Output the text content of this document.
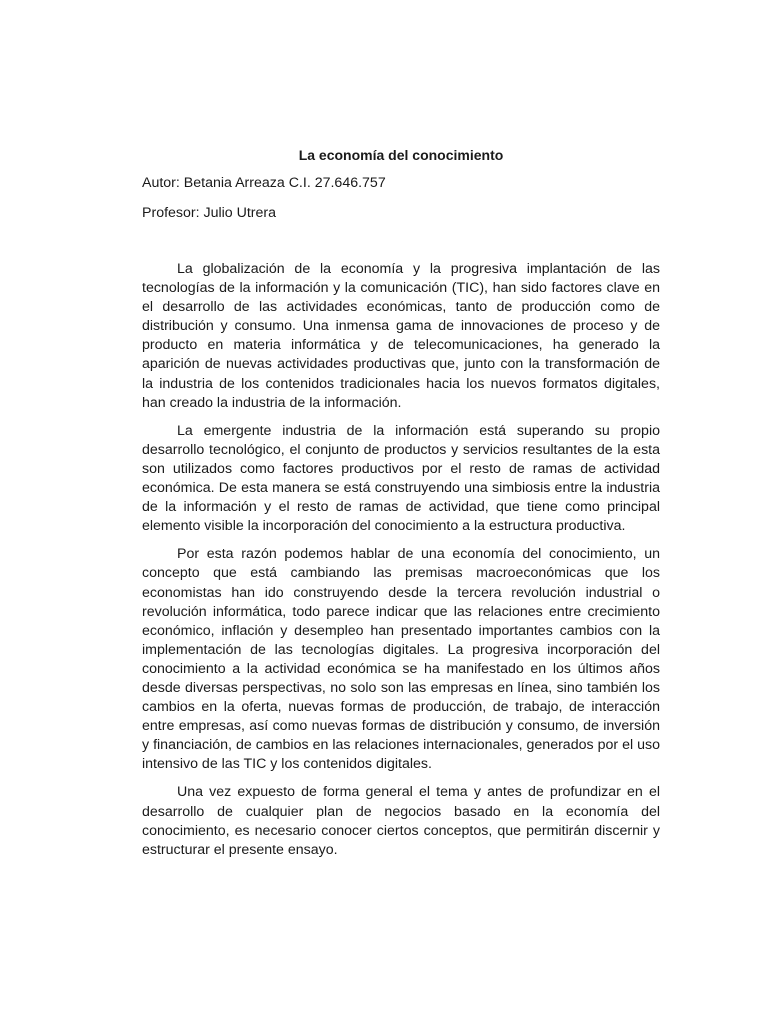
La economía del conocimiento
Autor: Betania Arreaza C.I. 27.646.757
Profesor: Julio Utrera

La globalización de la economía y la progresiva implantación de las tecnologías de la información y la comunicación (TIC), han sido factores clave en el desarrollo de las actividades económicas, tanto de producción como de distribución y consumo. Una inmensa gama de innovaciones de proceso y de producto en materia informática y de telecomunicaciones, ha generado la aparición de nuevas actividades productivas que, junto con la transformación de la industria de los contenidos tradicionales hacia los nuevos formatos digitales, han creado la industria de la información.

La emergente industria de la información está superando su propio desarrollo tecnológico, el conjunto de productos y servicios resultantes de la esta son utilizados como factores productivos por el resto de ramas de actividad económica. De esta manera se está construyendo una simbiosis entre la industria de la información y el resto de ramas de actividad, que tiene como principal elemento visible la incorporación del conocimiento a la estructura productiva.

Por esta razón podemos hablar de una economía del conocimiento, un concepto que está cambiando las premisas macroeconómicas que los economistas han ido construyendo desde la tercera revolución industrial o revolución informática, todo parece indicar que las relaciones entre crecimiento económico, inflación y desempleo han presentado importantes cambios con la implementación de las tecnologías digitales. La progresiva incorporación del conocimiento a la actividad económica se ha manifestado en los últimos años desde diversas perspectivas, no solo son las empresas en línea, sino también los cambios en la oferta, nuevas formas de producción, de trabajo, de interacción entre empresas, así como nuevas formas de distribución y consumo, de inversión y financiación, de cambios en las relaciones internacionales, generados por el uso intensivo de las TIC y los contenidos digitales.

Una vez expuesto de forma general el tema y antes de profundizar en el desarrollo de cualquier plan de negocios basado en la economía del conocimiento, es necesario conocer ciertos conceptos, que permitirán discernir y estructurar el presente ensayo.
